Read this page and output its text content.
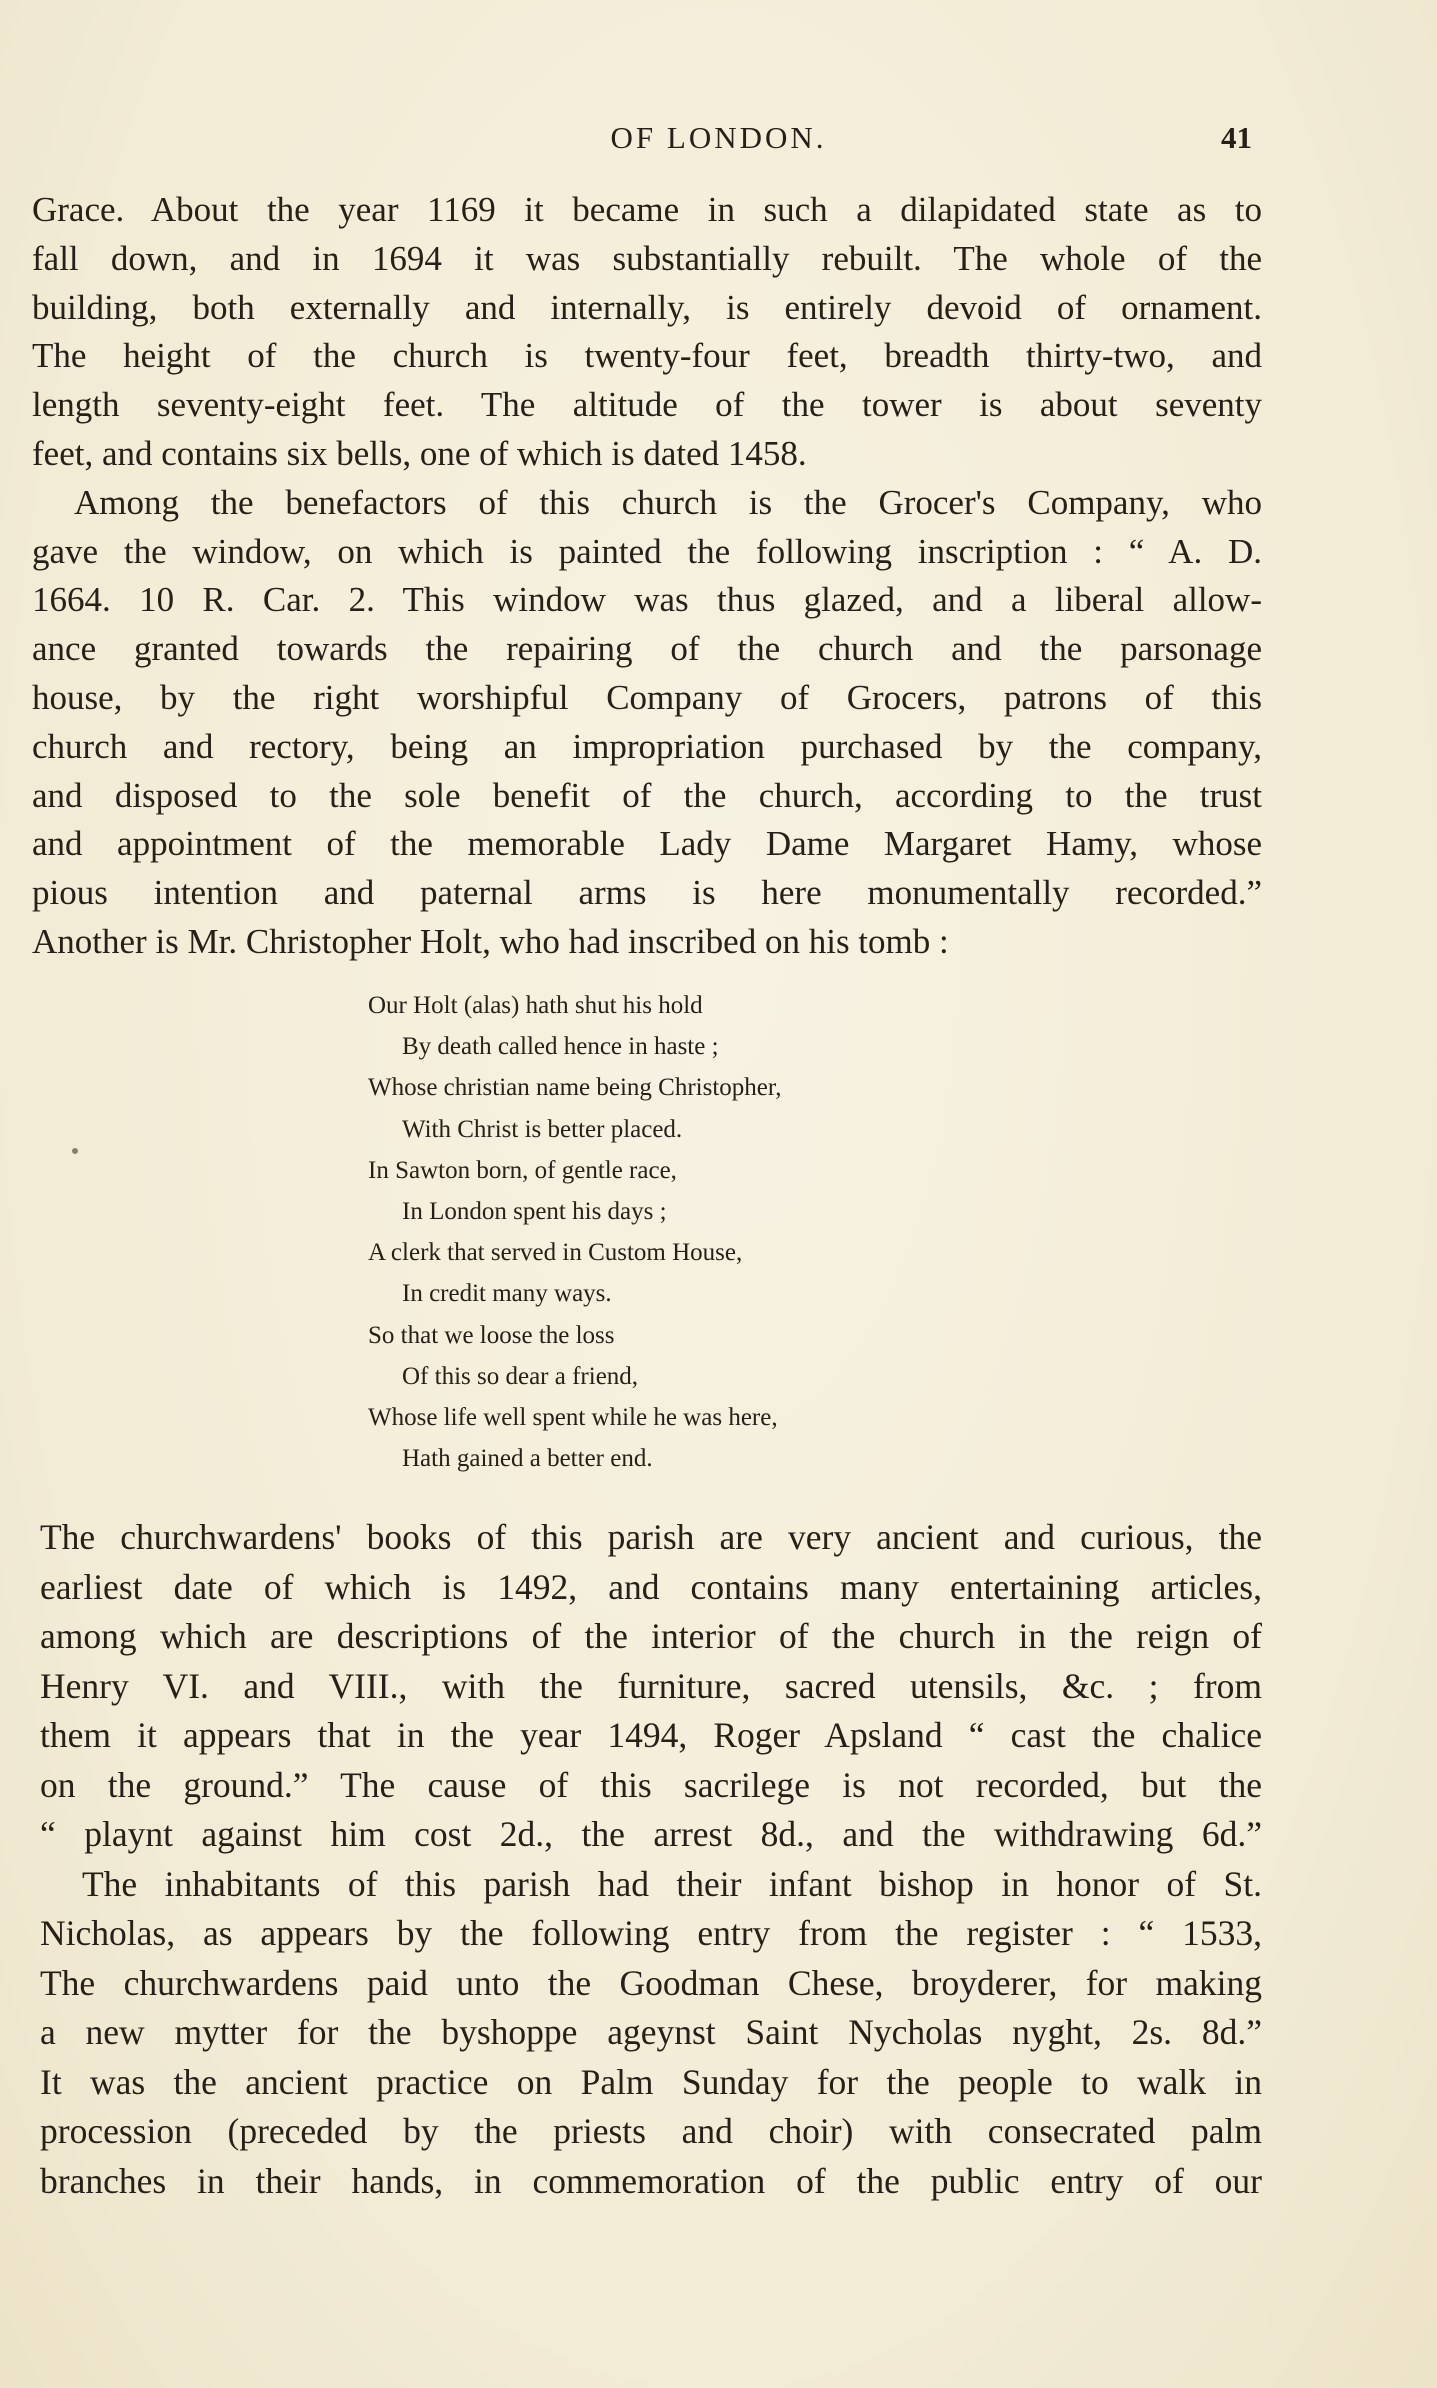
OF LONDON.	41
Grace. About the year 1169 it became in such a dilapidated state as to
fall down, and in 1694 it was substantially rebuilt. The whole of the
building, both externally and internally, is entirely devoid of ornament.
The height of the church is twenty-four feet, breadth thirty-two, and
length seventy-eight feet. The altitude of the tower is about seventy
feet, and contains six bells, one of which is dated 1458.
Among the benefactors of this church is the Grocer's Company, who
gave the window, on which is painted the following inscription : “ A. D.
1664. 10 R. Car. 2. This window was thus glazed, and a liberal allow-
ance granted towards the repairing of the church and the parsonage
house, by the right worshipful Company of Grocers, patrons of this
church and rectory, being an impropriation purchased by the company,
and disposed to the sole benefit of the church, according to the trust
and appointment of the memorable Lady Dame Margaret Hamy, whose
pious intention and paternal arms is here monumentally recorded.”
Another is Mr. Christopher Holt, who had inscribed on his tomb :
Our Holt (alas) hath shut his hold
By death called hence in haste ;
Whose christian name being Christopher,
With Christ is better placed.
In Sawton born, of gentle race,
In London spent his days ;
A clerk that served in Custom House,
In credit many ways.
So that we loose the loss
Of this so dear a friend,
Whose life well spent while he was here,
Hath gained a better end.
The churchwardens' books of this parish are very ancient and curious, the
earliest date of which is 1492, and contains many entertaining articles,
among which are descriptions of the interior of the church in the reign of
Henry VI. and VIII., with the furniture, sacred utensils, &c. ; from
them it appears that in the year 1494, Roger Apsland “ cast the chalice
on the ground.” The cause of this sacrilege is not recorded, but the
“ playnt against him cost 2d., the arrest 8d., and the withdrawing 6d.”
The inhabitants of this parish had their infant bishop in honor of St.
Nicholas, as appears by the following entry from the register : “ 1533,
The churchwardens paid unto the Goodman Chese, broyderer, for making
a new mytter for the byshoppe ageynst Saint Nycholas nyght, 2s. 8d.”
It was the ancient practice on Palm Sunday for the people to walk in
procession (preceded by the priests and choir) with consecrated palm
branches in their hands, in commemoration of the public entry of our
